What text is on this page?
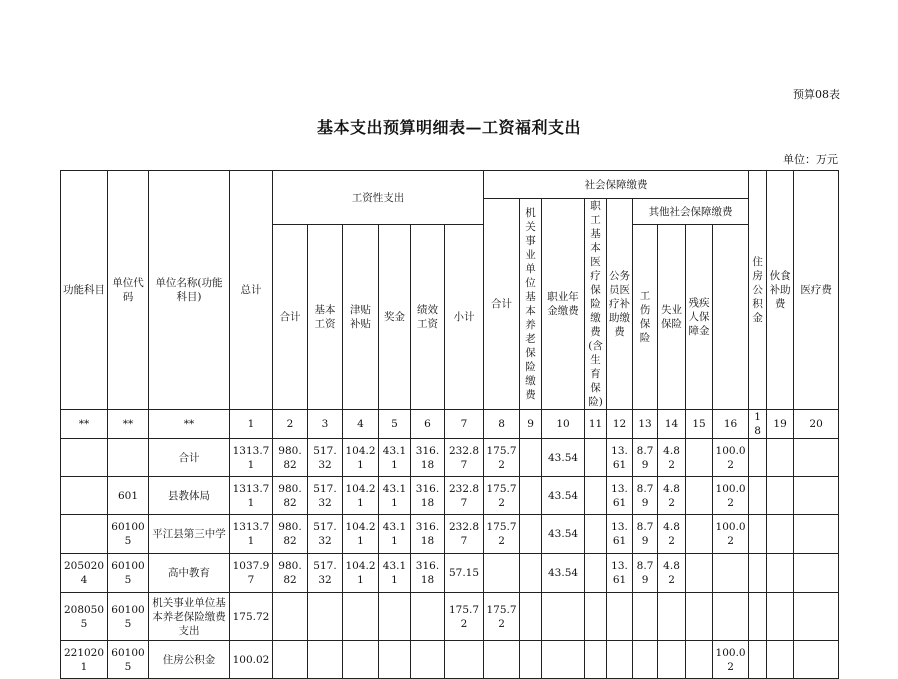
预算08表
基本支出预算明细表—工资福利支出
单位：万元
功能科目	单位代码	单位名称(功能科目)	总计	工资性支出						社会保障缴费									住房公积金	伙食补助费	医疗费	
										合计	机关事业单位基本养老保险缴费	职业年金缴费	职工基本医疗保险缴费(含生育保险)	公务员医疗补助缴费	其他社会保障缴费							
				合计	基本工资	津贴补贴	奖金	绩效工资	小计						工伤保险	失业保险	残疾人保障金					

**	**	**	1	2	3	4	5	6	7	8	9	10	11	12	13	14	15	16	18	19	20	
		合计	1313.71	980.82	517.32	104.21	43.11	316.18	232.87	175.72		43.54		13.61	8.79	4.82		100.02				
	601	县教体局	1313.71	980.82	517.32	104.21	43.11	316.18	232.87	175.72		43.54		13.61	8.79	4.82		100.02				
	601005	平江县第三中学	1313.71	980.82	517.32	104.21	43.11	316.18	232.87	175.72		43.54		13.61	8.79	4.82		100.02				
2050204	601005	高中教育	1037.97	980.82	517.32	104.21	43.11	316.18	57.15			43.54		13.61	8.79	4.82						
2080505	601005	机关事业单位基本养老保险缴费支出	175.72						175.72	175.72												
2210201	601005	住房公积金	100.02															100.02				
